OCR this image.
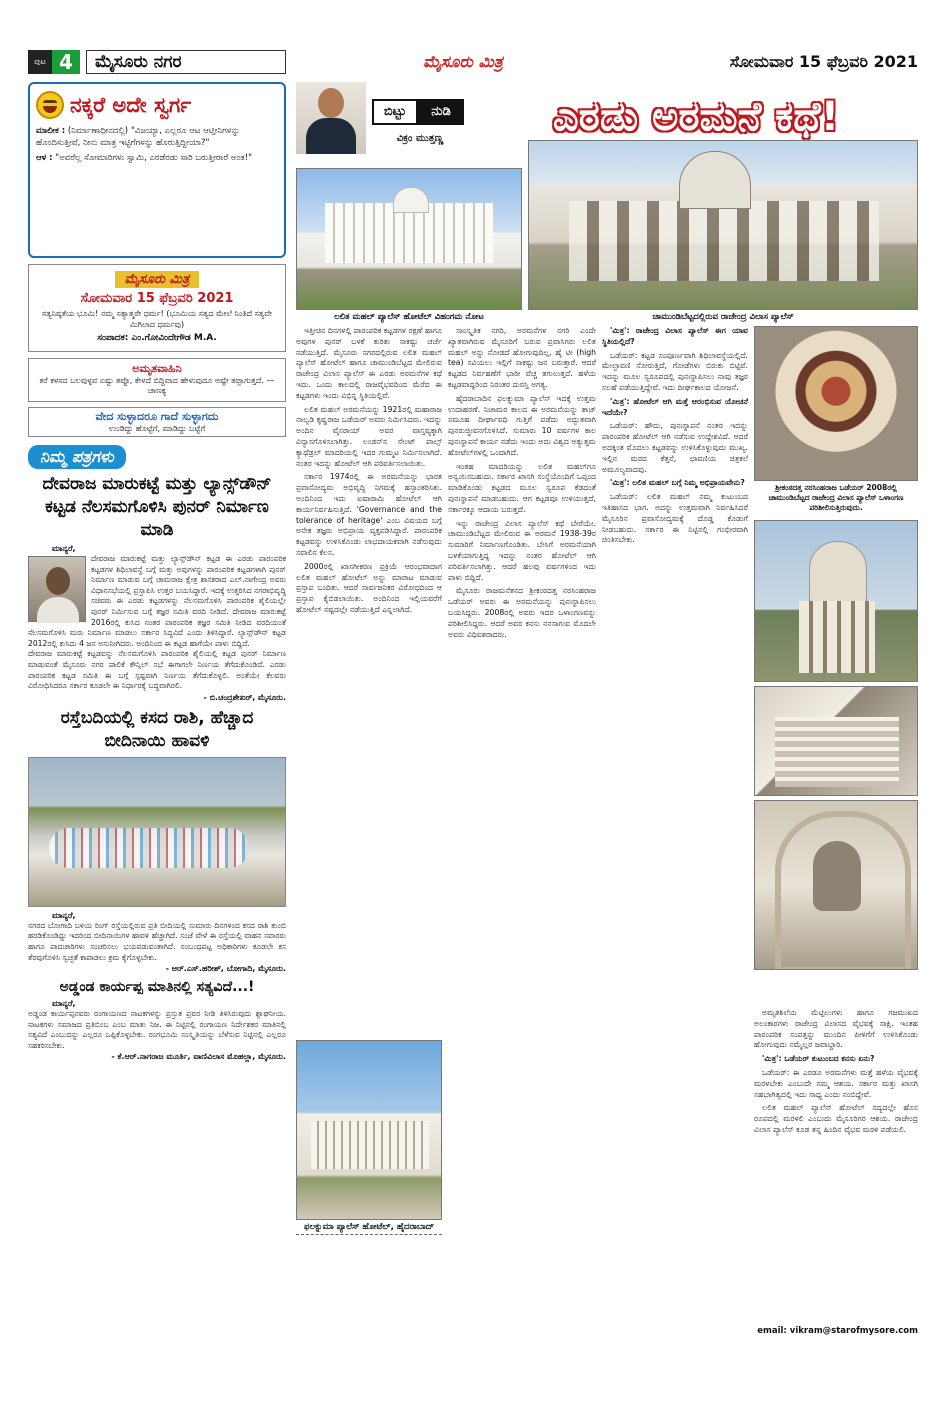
ಪುಟ 4	ಮೈಸೂರು ನಗರ	ಮೈಸೂರು ಮಿತ್ರ	ಸೋಮವಾರ 15 ಫೆಬ್ರವರಿ 2021
ನಕ್ಕರೆ ಅದೇ ಸ್ವರ್ಗ
ಮಾಲೀಕ : (ನಿರ್ಮಾಣಾಧೀನದಲ್ಲಿ) "ವಿಜಯ್ಯಾ, ಎಲ್ಲರೂ ಆಟ ಆಟ್ತೀನಿಗಳನ್ನು ಹೊಂದಿಸುತ್ತೀವೆ, ನೀನು ಮಾತ್ರ ಇಟ್ಟಿಗೆಗಳನ್ನು ಹೊರುತ್ತಿದ್ದೀಯಾ?"
ಆಳ : "ಅವರೆಲ್ಲ ಸೋಮಾರಿಗಳು ಸ್ವಾಮಿ, ಎರಡೆರಡು ಸಾರಿ ಬರುತ್ತೀರಾರೆ ಅಂತ!"
ಮೈಸೂರು ಮಿತ್ರ
ಸೋಮವಾರ 15 ಫೆಬ್ರವರಿ 2021
ಸತ್ಯನಿಷ್ಠತೆಯ ಭೂಮಿ! ನಮ್ಮ ಸತ್ಯಾತ್ಮರೇ ಧರ್ಮ! (ಭೂಮಿಯ ಸತ್ಯದ ಮೇಲೆ ನಿಂತಿದೆ ಸತ್ಯವೇ ಮಿಗಿಲಾದ ಧರ್ಮವು)
ಸಂಪಾದಕ: ಎಂ.ಗೋವಿಂದೇಗೌಡ M.A.
ಅಮೃತವಾಹಿನಿ
ಕರೆ ಕಳಸದ ಬಲವುಳ್ಳವ ಎಷ್ಟು ತಪ್ಪೊ, ಕೇಳದೆ ಬಿದ್ದಿವಾದ ಹೇಳುವುದೂ ಅಷ್ಟೇ ತಪ್ಪಾಗುತ್ತದೆ. —ಚಾಣಕ್ಯ
ವೇದ ಸುಳ್ಳಾದರೂ ಗಾದೆ ಸುಳ್ಳಾಗದು
ಉಂಡಿದ್ದು ಹೊಟ್ಟೆಗೆ, ಮಾಡಿದ್ದು ಬಟ್ಟೆಗೆ
ನಿಮ್ಮ ಪತ್ರಗಳು
ದೇವರಾಜ ಮಾರುಕಟ್ಟೆ ಮತ್ತು ಲ್ಯಾನ್ಸ್‌ಡೌನ್ ಕಟ್ಟಡ ನೆಲಸಮಗೊಳಿಸಿ ಪುನರ್ ನಿರ್ಮಾಣ ಮಾಡಿ
ಮಾನ್ಯರೆ,

ದೇವರಾಜ ಮಾರುಕಟ್ಟೆ ಮತ್ತು ಲ್ಯಾನ್ಸ್‌ಡೌನ್ ಕಟ್ಟಡ ಈ ಎರಡು ಪಾರಂಪರಿಕ ಕಟ್ಟಡಗಳ ಶಿಥಿಲಾವಸ್ಥೆ ಬಗ್ಗೆ ಮತ್ತು ಅವುಗಳನ್ನು ಪಾರಂಪರಿಕ ಕಟ್ಟಡಗಳಾಗಿ ಪುನರ್ ನಿರ್ಮಾಣ ಮಾಡುವ ಬಗ್ಗೆ ಚಾಮರಾಜ ಕ್ಷೇತ್ರ ಶಾಸಕರಾದ ಎಲ್.ನಾಗೇಂದ್ರ ಅವರು ವಿಧಾನಸಭೆಯಲ್ಲಿ ಪ್ರಸ್ತಾಪಿಸಿ ಉತ್ತರ ಬಯಸಿದ್ದಾರೆ. ಇದಕ್ಕೆ ಉತ್ತರಿಸಿದ ನಗರಾಭಿವೃದ್ಧಿ ಸಚಿವರು ಈ ಎರಡು ಕಟ್ಟಡಗಳನ್ನು ನೆಲಸಮಗೊಳಿಸಿ ಪಾರಂಪರಿಕ ಶೈಲಿಯಲ್ಲೇ ಪುನರ್ ನಿರ್ಮಿಸುವ ಬಗ್ಗೆ ತಜ್ಞರ ಸಮಿತಿ ವರದಿ ನೀಡಿದೆ. ದೇವರಾಜ ಮಾರುಕಟ್ಟೆ 2016ರಲ್ಲಿ ಕುಸಿದ ನಂತರ ಪಾರಂಪರಿಕ ತಜ್ಞರ ಸಮಿತಿ ನೀಡಿದ ವರದಿಯಂತೆ ನೆಲಸಮಗೊಳಿಸಿ ಮರು ನಿರ್ಮಾಣ ಮಾಡಲು ಸರ್ಕಾರ ಸಿದ್ಧವಿದೆ ಎಂದು ತಿಳಿಸಿದ್ದಾರೆ. ಲ್ಯಾನ್ಸ್‌ಡೌನ್ ಕಟ್ಟಡ 2012ರಲ್ಲಿ ಕುಸಿದು 4 ಜನ ಅಸುನೀಗಿದರು. ಅಂದಿನಿಂದ ಈ ಕಟ್ಟಡ ಹಾಗೆಯೇ ಪಾಳು ಬಿದ್ದಿದೆ.

ದೇವರಾಜ ಮಾರುಕಟ್ಟೆ ಕಟ್ಟಡವನ್ನು ನೆಲಸಮಗೊಳಿಸಿ ಪಾರಂಪರಿಕ ಶೈಲಿಯಲ್ಲಿ ಕಟ್ಟಡ ಪುನರ್ ನಿರ್ಮಾಣ ಮಾಡುವಂತೆ ಮೈಸೂರು ನಗರ ಪಾಲಿಕೆ ಕೌನ್ಸಿಲ್ ಸಭೆ ಈಗಾಗಲೇ ನಿರ್ಣಯ ತೆಗೆದುಕೊಂಡಿದೆ. ಎರಡು ಪಾರಂಪರಿಕ ಕಟ್ಟಡ ಸಮಿತಿ ಈ ಬಗ್ಗೆ ಸ್ಪಷ್ಟವಾಗಿ ನಿರ್ಣಯ ತೆಗೆದುಕೊಳ್ಳಲಿ. ಅಂತೆಯೇ ಕೆಲವರು ವಿರೋಧಿಸಿದರೂ ಸರ್ಕಾರ ಕೂಡಲೇ ಈ ನಿರ್ಧಾರಕ್ಕೆ ಬದ್ಧವಾಗಿರಲಿ.

- ಬಿ.ಚಂದ್ರಶೇಖರ್, ಮೈಸೂರು.
ರಸ್ತೆಬದಿಯಲ್ಲಿ ಕಸದ ರಾಶಿ, ಹೆಚ್ಚಾದ ಬೀದಿನಾಯಿ ಹಾವಳಿ
ಮಾನ್ಯರೆ,

ನಗರದ ಬೋಗಾದಿ ಬಳಿಯ ರಿಂಗ್ ರಸ್ತೆಯಲ್ಲಿರುವ ಪ್ರತಿ ಬೀದಿಯಲ್ಲಿ ಸುಮಾರು ದಿನಗಳಿಂದ ಕಸದ ರಾಶಿ ತುಂಬಿ ಹರಡಿಕೊಂಡಿದ್ದು ಇದರಿಂದ ಬೀದಿನಾಯಿಗಳ ಹಾವಳಿ ಹೆಚ್ಚಾಗಿದೆ. ಸಂಜೆ ವೇಳೆ ಈ ರಸ್ತೆಯಲ್ಲಿ ವಾಹನ ಸವಾರರು ಹಾಗೂ ಪಾದಚಾರಿಗಳು ಸಂಚರಿಸಲು ಭಯಪಡುವಂತಾಗಿದೆ. ಸಂಬಂಧಪಟ್ಟ ಅಧಿಕಾರಿಗಳು ಕೂಡಲೇ ಕಸ ತೆರವುಗೊಳಿಸಿ ಸ್ವಚ್ಛತೆ ಕಾಪಾಡಲು ಕ್ರಮ ಕೈಗೊಳ್ಳಬೇಕು.

- ಆರ್.ಎಸ್.ಹರೀಶ್, ಬೋಗಾದಿ, ಮೈಸೂರು.
ಅಡ್ಡಂಡ ಕಾರ್ಯಪ್ಪ ಮಾತಿನಲ್ಲಿ ಸತ್ಯವಿದೆ...!
ಮಾನ್ಯರೆ,

ಅಡ್ಡಂಡ ಕಾರ್ಯಪ್ಪನವರು ರಂಗಾಯಣದ ನಾಟಕಗಳನ್ನು ಪ್ರಸ್ತುತ ಪ್ರವರ ನೀಡಿ ತಿಳಿಸಿರುವುದು ಶ್ಲಾಘನೀಯ. ನಾಟಕಗಳು ಸಮಾಜದ ಪ್ರತಿಬಿಂಬ ಎಂಬ ಮಾತು ನಿಜ. ಈ ನಿಟ್ಟಿನಲ್ಲಿ ರಂಗಾಯಣ ನಿರ್ದೇಶಕರ ಮಾತಿನಲ್ಲಿ ಸತ್ಯವಿದೆ ಎಂಬುದನ್ನು ಎಲ್ಲರೂ ಒಪ್ಪಿಕೊಳ್ಳಬೇಕು. ರಂಗಭೂಮಿ ಸಂಸ್ಕೃತಿಯನ್ನು ಬೆಳೆಸುವ ನಿಟ್ಟಿನಲ್ಲಿ ಎಲ್ಲರೂ ಸಹಕರಿಸಬೇಕು.

- ಕೆ.ಆರ್.ನಾಗರಾಜ ಮೂರ್ತಿ, ವಾಣಿವಿಲಾಸ ಮೊಹಲ್ಲಾ, ಮೈಸೂರು.
ಬಿಟ್ಟು	ನುಡಿ
ವಿಕ್ರಂ ಮುತ್ತಣ್ಣ	ಎರಡು ಅರಮನೆ ಕಥೆ!
ಲಲಿತ ಮಹಲ್ ಪ್ಯಾಲೆಸ್ ಹೋಟೆಲ್ ವಿಹಂಗಮ ನೋಟ	ಚಾಮುಂಡಿಬೆಟ್ಟದಲ್ಲಿರುವ ರಾಜೇಂದ್ರ ವಿಲಾಸ ಪ್ಯಾಲೆಸ್

ಇತ್ತೀಚಿನ ದಿನಗಳಲ್ಲಿ ಪಾರಂಪರಿಕ ಕಟ್ಟಡಗಳ ರಕ್ಷಣೆ ಹಾಗೂ ಅವುಗಳ ಪುನರ್ ಬಳಕೆ ಕುರಿತು ಸಾಕಷ್ಟು ಚರ್ಚೆ ನಡೆಯುತ್ತಿದೆ. ಮೈಸೂರು ನಗರದಲ್ಲಿರುವ ಲಲಿತ ಮಹಲ್ ಪ್ಯಾಲೆಸ್ ಹೋಟೆಲ್ ಹಾಗೂ ಚಾಮುಂಡಿಬೆಟ್ಟದ ಮೇಲಿರುವ ರಾಜೇಂದ್ರ ವಿಲಾಸ ಪ್ಯಾಲೆಸ್ ಈ ಎರಡು ಅರಮನೆಗಳ ಕಥೆ ಇದು. ಒಂದು ಕಾಲದಲ್ಲಿ ರಾಜವೈಭವದಿಂದ ಮೆರೆದ ಈ ಕಟ್ಟಡಗಳು ಇಂದು ವಿಭಿನ್ನ ಸ್ಥಿತಿಯಲ್ಲಿವೆ.

ಲಲಿತ ಮಹಲ್ ಅರಮನೆಯನ್ನು 1921ರಲ್ಲಿ ಮಹಾರಾಜ ನಾಲ್ವಡಿ ಕೃಷ್ಣರಾಜ ಒಡೆಯರ್ ಅವರು ನಿರ್ಮಿಸಿದರು. ಇದನ್ನು ಅಂದಿನ ವೈಸರಾಯ್ ಅವರ ವಾಸ್ತವ್ಯಕ್ಕಾಗಿ ವಿನ್ಯಾಸಗೊಳಿಸಲಾಗಿತ್ತು. ಲಂಡನ್‌ನ ಸೇಂಟ್ ಪಾಲ್ಸ್ ಕ್ಯಾಥೆಡ್ರಲ್ ಮಾದರಿಯಲ್ಲಿ ಇದರ ಗುಮ್ಮಟ ನಿರ್ಮಿಸಲಾಗಿದೆ. ನಂತರ ಇದನ್ನು ಹೋಟೆಲ್ ಆಗಿ ಪರಿವರ್ತಿಸಲಾಯಿತು.

ಸರ್ಕಾರ 1974ರಲ್ಲಿ ಈ ಅರಮನೆಯನ್ನು ಭಾರತ ಪ್ರವಾಸೋದ್ಯಮ ಅಭಿವೃದ್ಧಿ ನಿಗಮಕ್ಕೆ ಹಸ್ತಾಂತರಿಸಿತು. ಅಂದಿನಿಂದ ಇದು ಐಷಾರಾಮಿ ಹೋಟೆಲ್ ಆಗಿ ಕಾರ್ಯನಿರ್ವಹಿಸುತ್ತಿದೆ. 'Governance and the tolerance of heritage' ಎಂಬ ವಿಷಯದ ಬಗ್ಗೆ ಅನೇಕ ತಜ್ಞರು ಅಭಿಪ್ರಾಯ ವ್ಯಕ್ತಪಡಿಸಿದ್ದಾರೆ. ಪಾರಂಪರಿಕ ಕಟ್ಟಡವನ್ನು ಉಳಿಸಿಕೊಂಡು ಲಾಭದಾಯಕವಾಗಿ ನಡೆಸುವುದು ಸವಾಲಿನ ಕೆಲಸ.

2000ರಲ್ಲಿ ಖಾಸಗೀಕರಣ ಪ್ರಕ್ರಿಯೆ ಆರಂಭವಾದಾಗ ಲಲಿತ ಮಹಲ್ ಹೋಟೆಲ್ ಅನ್ನು ಮಾರಾಟ ಮಾಡುವ ಪ್ರಸ್ತಾಪ ಬಂದಿತು. ಆದರೆ ಸಾರ್ವಜನಿಕರ ವಿರೋಧದಿಂದ ಆ ಪ್ರಸ್ತಾಪ ಕೈಬಿಡಲಾಯಿತು. ಅಂದಿನಿಂದ ಇಲ್ಲಿಯವರೆಗೆ ಹೋಟೆಲ್ ನಷ್ಟದಲ್ಲೇ ನಡೆಯುತ್ತಿದೆ ಎನ್ನಲಾಗಿದೆ.

ಫಲಕ್ನುಮಾ ಪ್ಯಾಲೆಸ್ ಹೋಟೆಲ್, ಹೈದರಾಬಾದ್

ಸಾಂಸ್ಕೃತಿಕ ನಗರಿ, ಅರಮನೆಗಳ ನಗರಿ ಎಂದೇ ಖ್ಯಾತವಾಗಿರುವ ಮೈಸೂರಿಗೆ ಬರುವ ಪ್ರವಾಸಿಗರು ಲಲಿತ ಮಹಲ್ ಅನ್ನು ನೋಡದೆ ಹೋಗುವುದಿಲ್ಲ. ಹೈ ಟೀ (high tea) ಸವಿಯಲು ಇಲ್ಲಿಗೆ ಸಾಕಷ್ಟು ಜನ ಬರುತ್ತಾರೆ. ಆದರೆ ಕಟ್ಟಡದ ನಿರ್ವಹಣೆಗೆ ಭಾರೀ ವೆಚ್ಚ ತಗುಲುತ್ತದೆ. ಹಳೆಯ ಕಟ್ಟಡವಾದ್ದರಿಂದ ನಿರಂತರ ದುರಸ್ತಿ ಅಗತ್ಯ.

ಹೈದರಾಬಾದಿನ ಫಲಕ್ನುಮಾ ಪ್ಯಾಲೆಸ್ ಇದಕ್ಕೆ ಉತ್ತಮ ಉದಾಹರಣೆ. ನಿಜಾಮರ ಕಾಲದ ಈ ಅರಮನೆಯನ್ನು ತಾಜ್ ಸಮೂಹ ದೀರ್ಘಾವಧಿ ಗುತ್ತಿಗೆ ಪಡೆದು ಅದ್ಭುತವಾಗಿ ಪುನರುಜ್ಜೀವನಗೊಳಿಸಿದೆ. ಸುಮಾರು 10 ವರ್ಷಗಳ ಕಾಲ ಪುನಃಸ್ಥಾಪನೆ ಕಾರ್ಯ ನಡೆದು ಇಂದು ಅದು ವಿಶ್ವದ ಅತ್ಯುತ್ತಮ ಹೋಟೆಲ್‌ಗಳಲ್ಲಿ ಒಂದಾಗಿದೆ.

ಇಂತಹ ಮಾದರಿಯನ್ನು ಲಲಿತ ಮಹಲ್‌ಗೂ ಅನ್ವಯಿಸಬಹುದು. ಸರ್ಕಾರ ಖಾಸಗಿ ಸಂಸ್ಥೆಯೊಂದಿಗೆ ಒಪ್ಪಂದ ಮಾಡಿಕೊಂಡು ಕಟ್ಟಡದ ಮೂಲ ಸ್ವರೂಪ ಕೆಡದಂತೆ ಪುನಃಸ್ಥಾಪನೆ ಮಾಡಬಹುದು. ಆಗ ಕಟ್ಟಡವೂ ಉಳಿಯುತ್ತದೆ, ಸರ್ಕಾರಕ್ಕೂ ಆದಾಯ ಬರುತ್ತದೆ.

ಇನ್ನು ರಾಜೇಂದ್ರ ವಿಲಾಸ ಪ್ಯಾಲೆಸ್ ಕಥೆ ಬೇರೆಯೇ. ಚಾಮುಂಡಿಬೆಟ್ಟದ ಮೇಲಿರುವ ಈ ಅರಮನೆ 1938-39ರ ಸುಮಾರಿಗೆ ನಿರ್ಮಾಣಗೊಂಡಿತು. ಬೇಸಿಗೆ ಅರಮನೆಯಾಗಿ ಬಳಕೆಯಾಗುತ್ತಿದ್ದ ಇದನ್ನು ನಂತರ ಹೋಟೆಲ್ ಆಗಿ ಪರಿವರ್ತಿಸಲಾಗಿತ್ತು. ಆದರೆ ಹಲವು ವರ್ಷಗಳಿಂದ ಇದು ಪಾಳು ಬಿದ್ದಿದೆ.

ಮೈಸೂರು ರಾಜಮನೆತನದ ಶ್ರೀಕಂಠದತ್ತ ನರಸಿಂಹರಾಜ ಒಡೆಯರ್ ಅವರು ಈ ಅರಮನೆಯನ್ನು ಪುನಃಸ್ಥಾಪಿಸಲು ಬಯಸಿದ್ದರು. 2008ರಲ್ಲಿ ಅವರು ಇದರ ಒಳಾಂಗಣವನ್ನು ಪರಿಶೀಲಿಸಿದ್ದರು. ಆದರೆ ಅವರ ಕನಸು ನನಸಾಗುವ ಮೊದಲೇ ಅವರು ವಿಧಿವಶರಾದರು.

'ಮಿತ್ರ': ರಾಜೇಂದ್ರ ವಿಲಾಸ ಪ್ಯಾಲೆಸ್ ಈಗ ಯಾವ ಸ್ಥಿತಿಯಲ್ಲಿದೆ?

ಒಡೆಯರ್: ಕಟ್ಟಡ ಸಂಪೂರ್ಣವಾಗಿ ಶಿಥಿಲಾವಸ್ಥೆಯಲ್ಲಿದೆ. ಮೇಲ್ಛಾವಣಿ ಸೋರುತ್ತಿದೆ, ಗೋಡೆಗಳು ಬಿರುಕು ಬಿಟ್ಟಿವೆ. ಇದನ್ನು ಮೂಲ ಸ್ವರೂಪದಲ್ಲಿ ಪುನಃಸ್ಥಾಪಿಸಲು ನಾವು ತಜ್ಞರ ಸಲಹೆ ಪಡೆಯುತ್ತಿದ್ದೇವೆ. ಇದು ದೀರ್ಘಕಾಲದ ಯೋಜನೆ.

'ಮಿತ್ರ': ಹೋಟೆಲ್ ಆಗಿ ಮತ್ತೆ ಆರಂಭಿಸುವ ಯೋಚನೆ ಇದೆಯೇ?

ಒಡೆಯರ್: ಹೌದು, ಪುನಃಸ್ಥಾಪನೆ ನಂತರ ಇದನ್ನು ಪಾರಂಪರಿಕ ಹೋಟೆಲ್ ಆಗಿ ನಡೆಸುವ ಉದ್ದೇಶವಿದೆ. ಆದರೆ ಅದಕ್ಕಿಂತ ಮೊದಲು ಕಟ್ಟಡವನ್ನು ಉಳಿಸಿಕೊಳ್ಳುವುದು ಮುಖ್ಯ. ಇಲ್ಲಿನ ಮರದ ಕೆತ್ತನೆ, ಛಾವಣಿಯ ಚಿತ್ರಕಲೆ ಅಮೂಲ್ಯವಾದವು.

'ಮಿತ್ರ': ಲಲಿತ ಮಹಲ್ ಬಗ್ಗೆ ನಿಮ್ಮ ಅಭಿಪ್ರಾಯವೇನು?

ಒಡೆಯರ್: ಲಲಿತ ಮಹಲ್ ನಮ್ಮ ಕುಟುಂಬದ ಇತಿಹಾಸದ ಭಾಗ. ಅದನ್ನು ಉತ್ತಮವಾಗಿ ನಿರ್ವಹಿಸಿದರೆ ಮೈಸೂರಿನ ಪ್ರವಾಸೋದ್ಯಮಕ್ಕೆ ದೊಡ್ಡ ಕೊಡುಗೆ ನೀಡಬಹುದು. ಸರ್ಕಾರ ಈ ನಿಟ್ಟಿನಲ್ಲಿ ಗಂಭೀರವಾಗಿ ಚಿಂತಿಸಬೇಕು.

ಶ್ರೀಕಂಠದತ್ತ ನರಸಿಂಹರಾಜ ಒಡೆಯರ್ 2008ರಲ್ಲಿ ಚಾಮುಂಡಿಬೆಟ್ಟದ ರಾಜೇಂದ್ರ ವಿಲಾಸ ಪ್ಯಾಲೆಸ್ ಒಳಾಂಗಣ ಪರಿಶೀಲಿಸುತ್ತಿರುವುದು.

ಅಮೃತಶಿಲೆಯ ಮೆಟ್ಟಿಲುಗಳು ಹಾಗೂ ಗಜಮುಖದ ಅಲಂಕಾರಗಳು ರಾಜೇಂದ್ರ ವಿಲಾಸದ ವೈಭವಕ್ಕೆ ಸಾಕ್ಷಿ. ಇಂತಹ ಪಾರಂಪರಿಕ ಸಂಪತ್ತನ್ನು ಮುಂದಿನ ಪೀಳಿಗೆಗೆ ಉಳಿಸಿಕೊಂಡು ಹೋಗುವುದು ನಮ್ಮೆಲ್ಲರ ಜವಾಬ್ದಾರಿ.

'ಮಿತ್ರ': ಒಡೆಯರ್ ಕುಟುಂಬದ ಕನಸು ಏನು?

ಒಡೆಯರ್: ಈ ಎರಡೂ ಅರಮನೆಗಳು ಮತ್ತೆ ಹಳೆಯ ವೈಭವಕ್ಕೆ ಮರಳಬೇಕು ಎಂಬುದೇ ನಮ್ಮ ಆಶಯ. ಸರ್ಕಾರ ಮತ್ತು ಖಾಸಗಿ ಸಹಭಾಗಿತ್ವದಲ್ಲಿ ಇದು ಸಾಧ್ಯ ಎಂದು ನಂಬಿದ್ದೇವೆ.

ಲಲಿತ ಮಹಲ್ ಪ್ಯಾಲೆಸ್ ಹೋಟೆಲ್ ಸದ್ಯದಲ್ಲೇ ಹೊಸ ರೂಪದಲ್ಲಿ ಮರಳಲಿ ಎಂಬುದು ಮೈಸೂರಿಗರ ಆಶಯ. ರಾಜೇಂದ್ರ ವಿಲಾಸ ಪ್ಯಾಲೆಸ್ ಕೂಡ ತನ್ನ ಹಿಂದಿನ ವೈಭವ ಮರಳಿ ಪಡೆಯಲಿ.

email: vikram@starofmysore.com
